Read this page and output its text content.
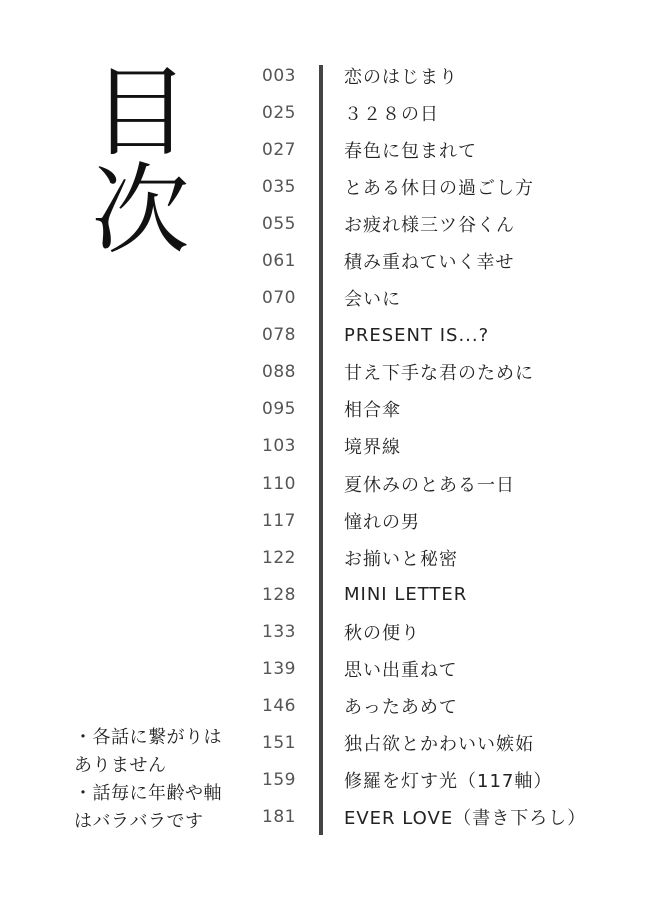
目次	003	恋のはじまり
025	３２８の日
027	春色に包まれて
035	とある休日の過ごし方
055	お疲れ様三ツ谷くん
061	積み重ねていく幸せ
070	会いに
078	PRESENT IS...?
088	甘え下手な君のために
095	相合傘
103	境界線
110	夏休みのとある一日
117	憧れの男
122	お揃いと秘密
128	MINI LETTER
133	秋の便り
139	思い出重ねて
146	あったあめて
151	独占欲とかわいい嫉妬
159	修羅を灯す光（117軸）
181	EVER LOVE（書き下ろし）
・各話に繋がりは
ありません
・話毎に年齢や軸
はバラバラです
